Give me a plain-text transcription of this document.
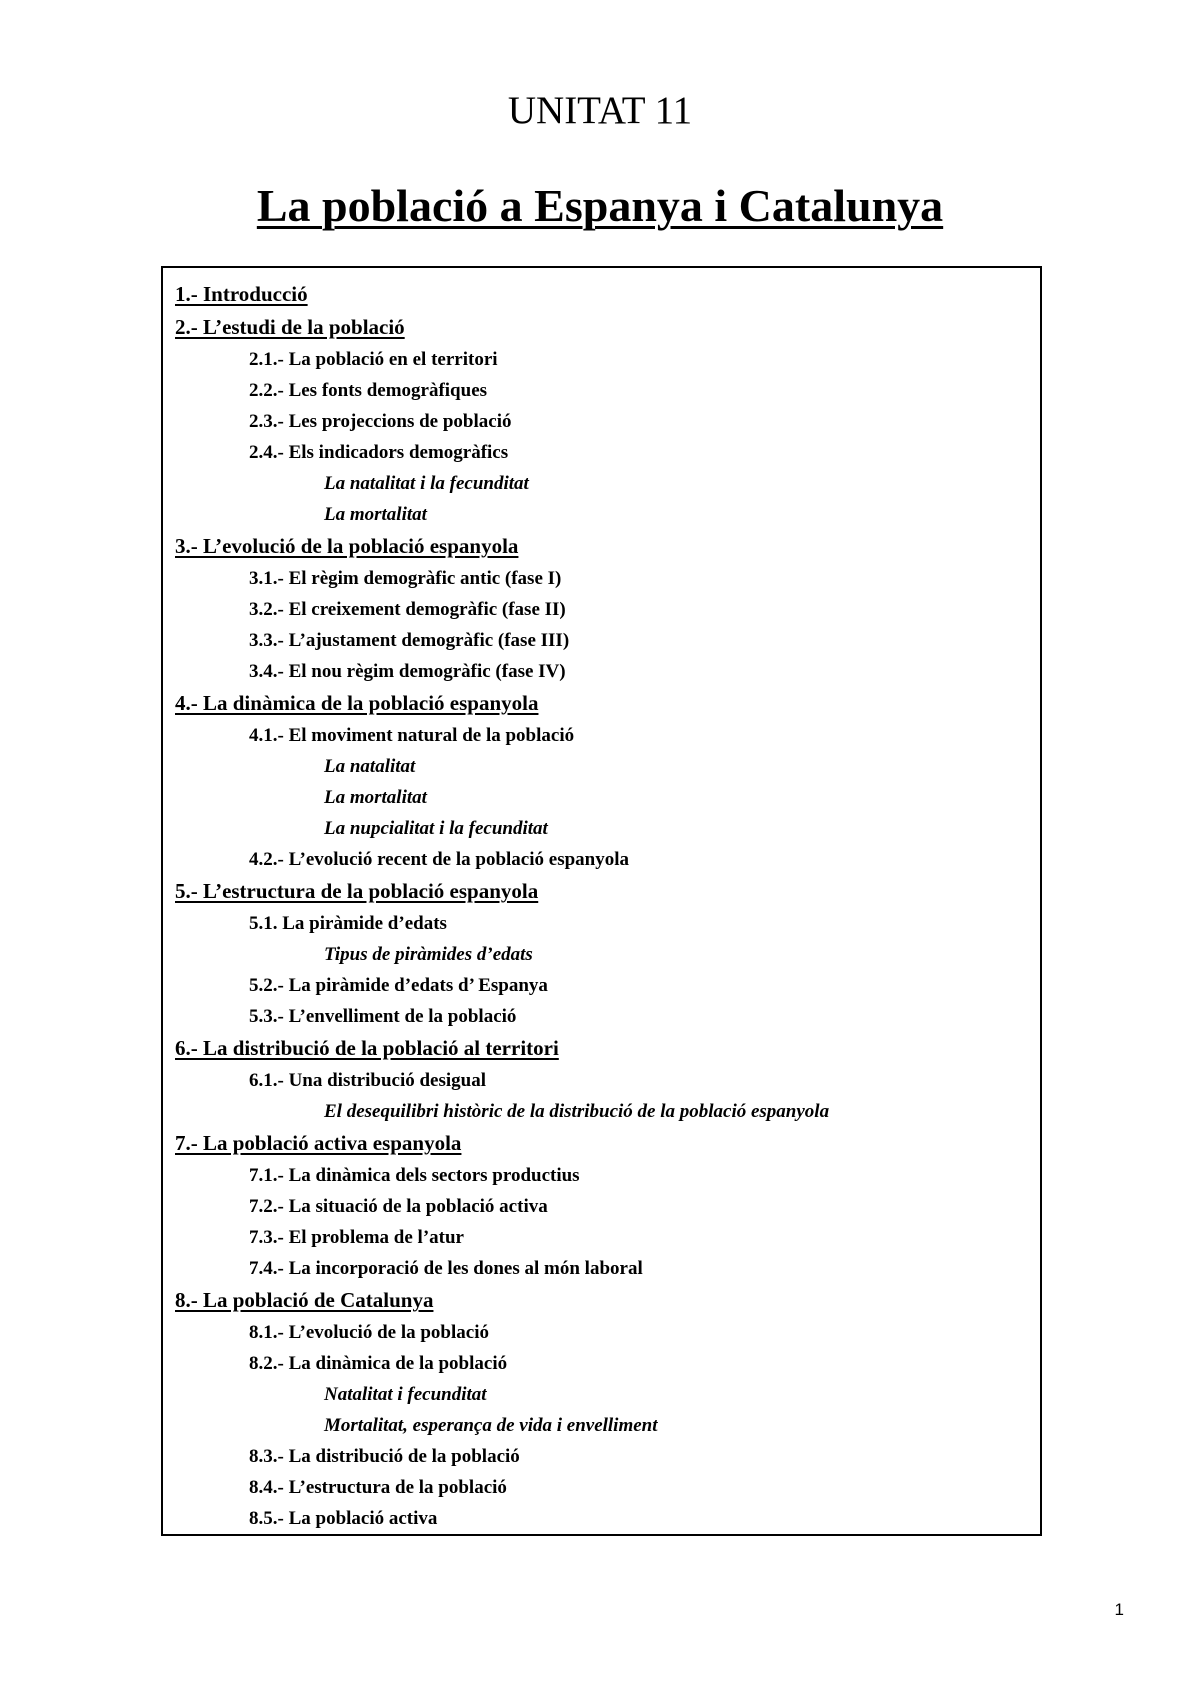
UNITAT 11
La població a Espanya i Catalunya
1.- Introducció
2.- L’estudi de la població
2.1.- La població en el territori
2.2.- Les fonts demogràfiques
2.3.- Les projeccions de població
2.4.- Els indicadors demogràfics
La natalitat i la fecunditat
La mortalitat
3.- L’evolució de la població espanyola
3.1.- El règim demogràfic antic (fase I)
3.2.- El creixement demogràfic (fase II)
3.3.- L’ajustament demogràfic (fase III)
3.4.- El nou règim demogràfic (fase IV)
4.- La dinàmica de la població espanyola
4.1.- El moviment natural de la població
La natalitat
La mortalitat
La nupcialitat i la fecunditat
4.2.- L’evolució recent de la població espanyola
5.- L’estructura de la població espanyola
5.1. La piràmide d’edats
Tipus de piràmides d’edats
5.2.- La piràmide d’edats d’ Espanya
5.3.- L’envelliment de la població
6.- La distribució de la població al territori
6.1.- Una distribució desigual
El desequilibri històric de la distribució de la població espanyola
7.- La població activa espanyola
7.1.- La dinàmica dels sectors productius
7.2.- La situació de la població activa
7.3.- El problema de l’atur
7.4.- La incorporació de les dones al món laboral
8.- La població de Catalunya
8.1.- L’evolució de la població
8.2.- La dinàmica de la població
Natalitat i fecunditat
Mortalitat, esperança de vida i envelliment
8.3.- La distribució de la població
8.4.- L’estructura de la població
8.5.- La població activa
1
